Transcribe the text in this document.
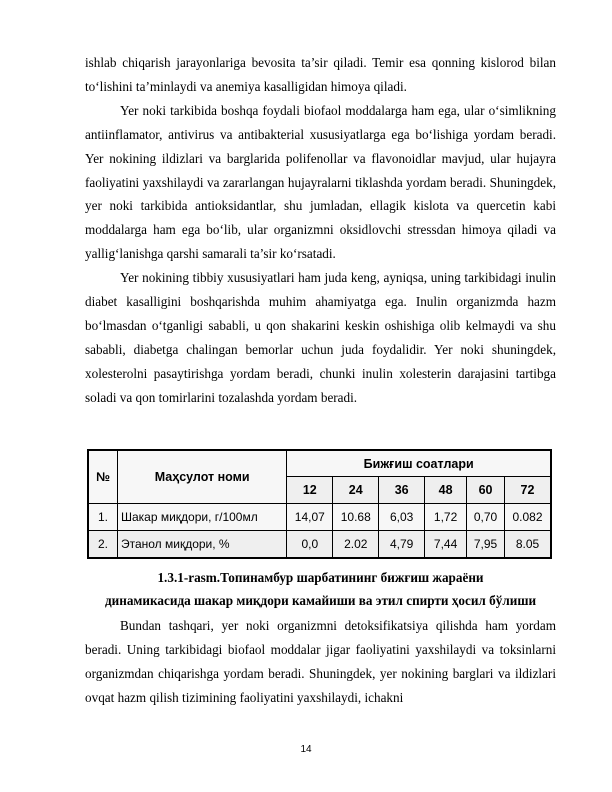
ishlab chiqarish jarayonlariga bevosita ta’sir qiladi. Temir esa qonning kislorod bilan to‘lishini ta’minlaydi va anemiya kasalligidan himoya qiladi.

Yer noki tarkibida boshqa foydali biofaol moddalarga ham ega, ular o‘simlikning antiinflamator, antivirus va antibakterial xususiyatlarga ega bo‘lishiga yordam beradi. Yer nokining ildizlari va barglarida polifenollar va flavonoidlar mavjud, ular hujayra faoliyatini yaxshilaydi va zararlangan hujayralarni tiklashda yordam beradi. Shuningdek, yer noki tarkibida antioksidantlar, shu jumladan, ellagik kislota va quercetin kabi moddalarga ham ega bo‘lib, ular organizmni oksidlovchi stressdan himoya qiladi va yallig‘lanishga qarshi samarali ta’sir ko‘rsatadi.

Yer nokining tibbiy xususiyatlari ham juda keng, ayniqsa, uning tarkibidagi inulin diabet kasalligini boshqarishda muhim ahamiyatga ega. Inulin organizmda hazm bo‘lmasdan o‘tganligi sababli, u qon shakarini keskin oshishiga olib kelmaydi va shu sababli, diabetga chalingan bemorlar uchun juda foydalidir. Yer noki shuningdek, xolesterolni pasaytirishga yordam beradi, chunki inulin xolesterin darajasini tartibga soladi va qon tomirlarini tozalashda yordam beradi.

№	Маҳсулот номи	Бижғиш соатлари					
		12	24	36	48	60	72
1.	Шакар миқдори, г/100мл	14,07	10.68	6,03	1,72	0,70	0.082
2.	Этанол миқдори, %	0,0	2.02	4,79	7,44	7,95	8.05
1.3.1-rasm.Топинамбур шарбатининг бижғиш жараёни
динамикасида шакар миқдори камайиши ва этил спирти ҳосил бўлиши

Bundan tashqari, yer noki organizmni detoksifikatsiya qilishda ham yordam beradi. Uning tarkibidagi biofaol moddalar jigar faoliyatini yaxshilaydi va toksinlarni organizmdan chiqarishga yordam beradi. Shuningdek, yer nokining barglari va ildizlari ovqat hazm qilish tizimining faoliyatini yaxshilaydi, ichakni

14
